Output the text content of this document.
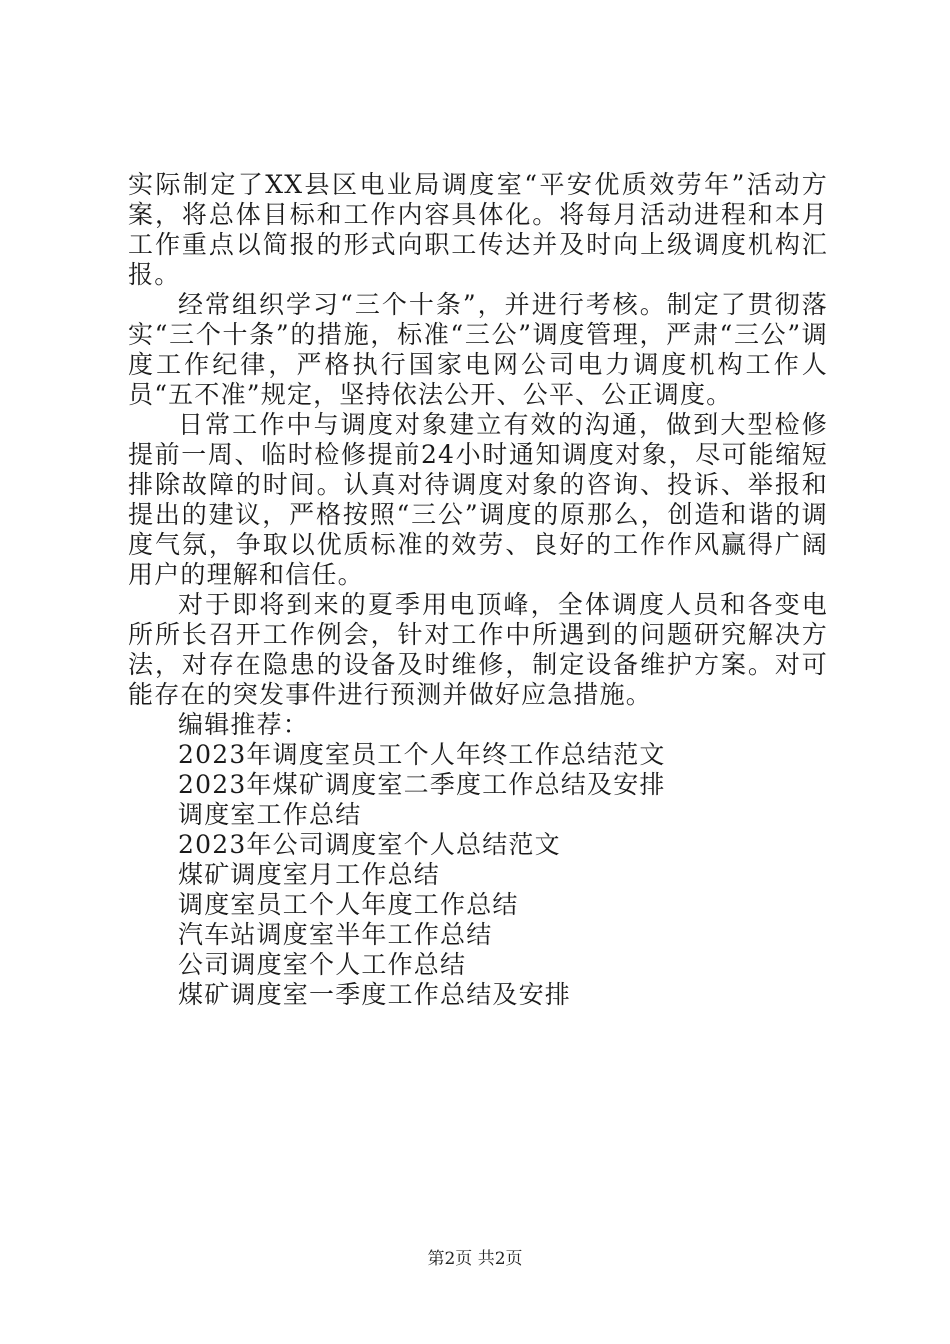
实际制定了XX县区电业局调度室“平安优质效劳年”活动方案，将总体目标和工作内容具体化。将每月活动进程和本月工作重点以简报的形式向职工传达并及时向上级调度机构汇报。

经常组织学习“三个十条”，并进行考核。制定了贯彻落实“三个十条”的措施，标准“三公”调度管理，严肃“三公”调度工作纪律，严格执行国家电网公司电力调度机构工作人员“五不准”规定，坚持依法公开、公平、公正调度。

日常工作中与调度对象建立有效的沟通，做到大型检修提前一周、临时检修提前24小时通知调度对象，尽可能缩短排除故障的时间。认真对待调度对象的咨询、投诉、举报和提出的建议，严格按照“三公”调度的原那么，创造和谐的调度气氛，争取以优质标准的效劳、良好的工作作风赢得广阔用户的理解和信任。

对于即将到来的夏季用电顶峰，全体调度人员和各变电所所长召开工作例会，针对工作中所遇到的问题研究解决方法，对存在隐患的设备及时维修，制定设备维护方案。对可能存在的突发事件进行预测并做好应急措施。

编辑推荐：

2023年调度室员工个人年终工作总结范文
2023年煤矿调度室二季度工作总结及安排
调度室工作总结
2023年公司调度室个人总结范文
煤矿调度室月工作总结
调度室员工个人年度工作总结
汽车站调度室半年工作总结
公司调度室个人工作总结
煤矿调度室一季度工作总结及安排
第2页 共2页
